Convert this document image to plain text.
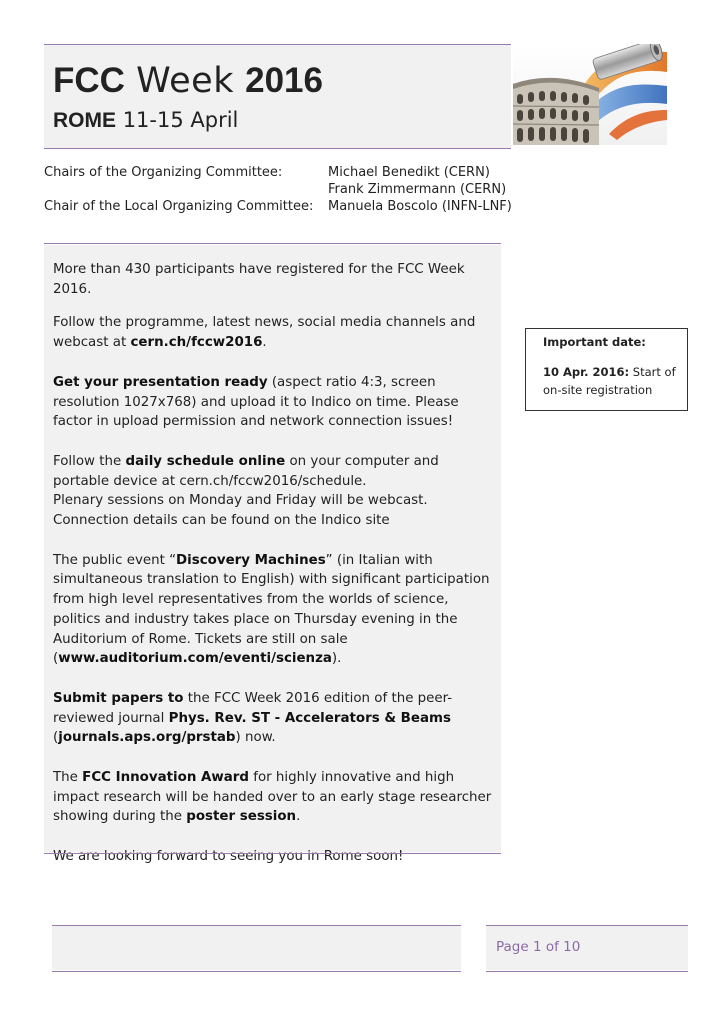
FCC Week 2016
ROME 11-15 April
Chairs of the Organizing Committee:	Michael Benedikt (CERN)
Frank Zimmermann (CERN)
Chair of the Local Organizing Committee: Manuela Boscolo (INFN-LNF)

More than 430 participants have registered for the FCC Week 2016.

Follow the programme, latest news, social media channels and webcast at cern.ch/fccw2016.

Get your presentation ready (aspect ratio 4:3, screen resolution 1027x768) and upload it to Indico on time. Please factor in upload permission and network connection issues!

Follow the daily schedule online on your computer and portable device at cern.ch/fccw2016/schedule.
Plenary sessions on Monday and Friday will be webcast.
Connection details can be found on the Indico site

The public event “Discovery Machines” (in Italian with simultaneous translation to English) with significant participation from high level representatives from the worlds of science, politics and industry takes place on Thursday evening in the Auditorium of Rome. Tickets are still on sale (www.auditorium.com/eventi/scienza).

Submit papers to the FCC Week 2016 edition of the peer-reviewed journal Phys. Rev. ST - Accelerators & Beams
(journals.aps.org/prstab) now.

The FCC Innovation Award for highly innovative and high impact research will be handed over to an early stage researcher showing during the poster session.

We are looking forward to seeing you in Rome soon!

Important date:
10 Apr. 2016: Start of
on-site registration
Page 1 of 10
